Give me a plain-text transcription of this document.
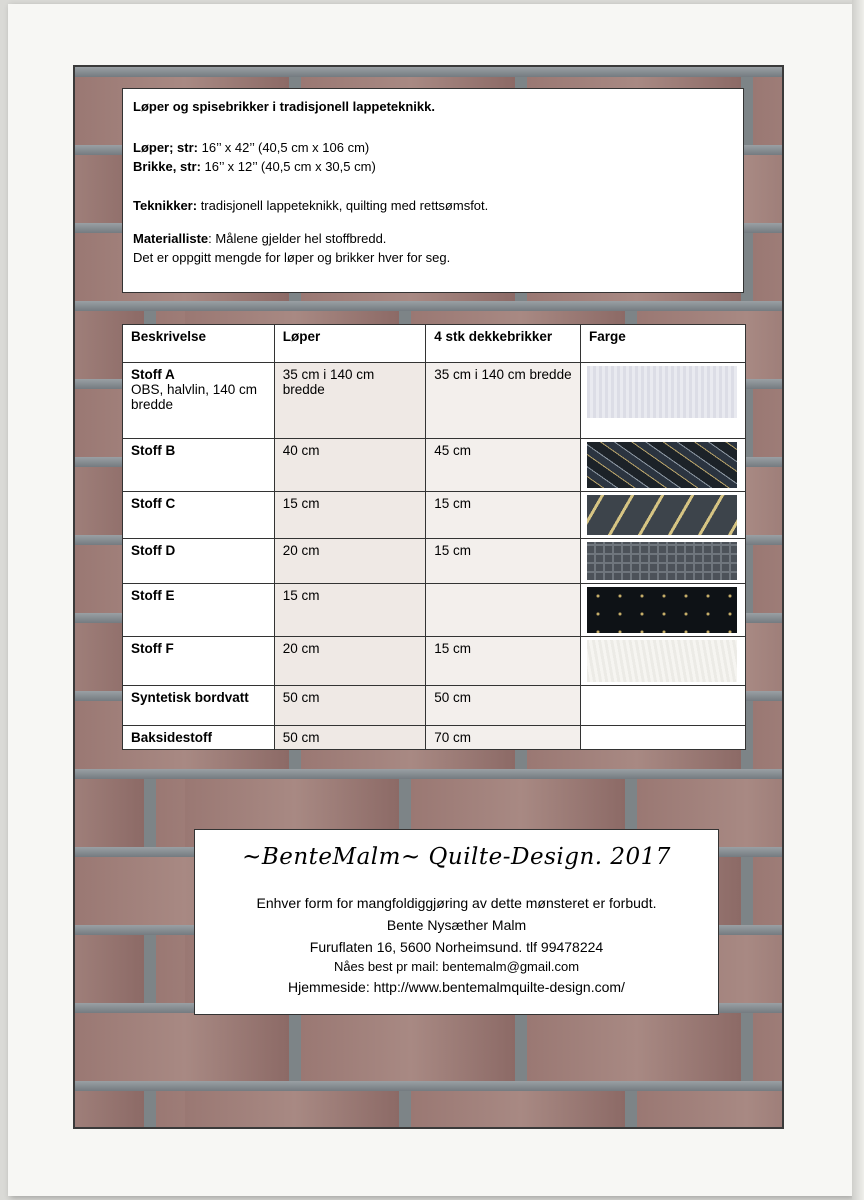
Løper og spisebrikker i tradisjonell lappeteknikk.

Løper; str: 16’’ x 42’’ (40,5 cm x 106 cm)

Brikke, str: 16’’ x 12’’ (40,5 cm x 30,5 cm)

Teknikker: tradisjonell lappeteknikk, quilting med rettsømsfot.

Materialliste: Målene gjelder hel stoffbredd.

Det er oppgitt mengde for løper og brikker hver for seg.

Beskrivelse	Løper	4 stk dekkebrikker	Farge

Stoff A
OBS, halvlin, 140 cm bredde	35 cm i 140 cm bredde	35 cm i 140 cm bredde	

Stoff B	40 cm	45 cm	

Stoff C	15 cm	15 cm	

Stoff D	20 cm	15 cm	

Stoff E	15 cm		

Stoff F	20 cm	15 cm	

Syntetisk bordvatt	50 cm	50 cm	
Baksidestoff	50 cm	70 cm	
~BenteMalm~ Quilte-Design. 2017
Enhver form for mangfoldiggjøring av dette mønsteret er forbudt.
Bente Nysæther Malm
Furuflaten 16, 5600 Norheimsund. tlf 99478224
Nåes best pr mail: bentemalm@gmail.com
Hjemmeside: http://www.bentemalmquilte-design.com/
